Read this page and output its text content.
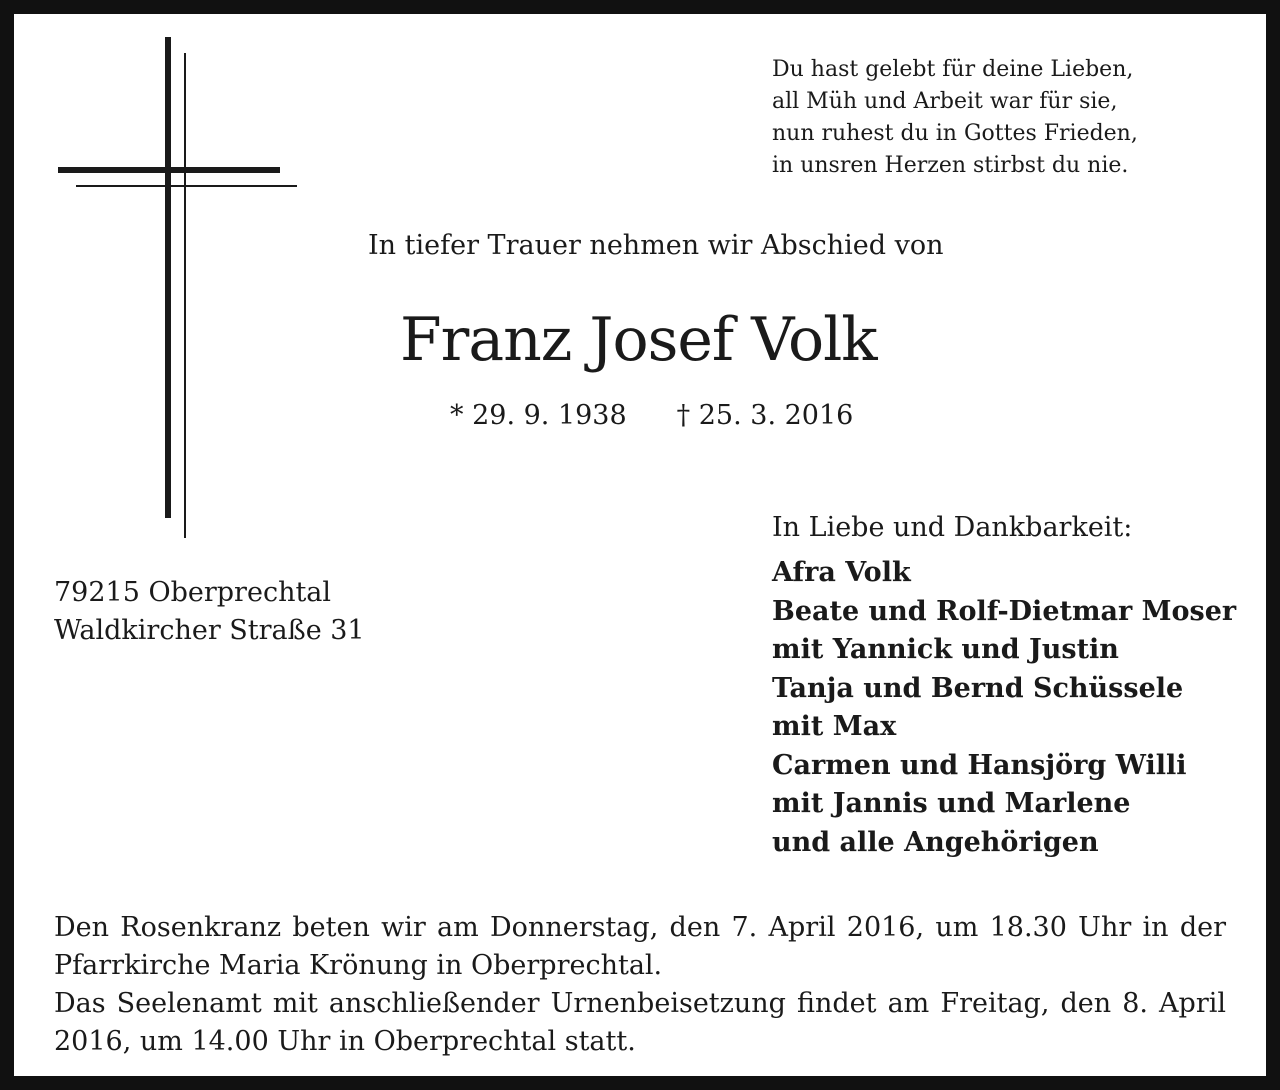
Du hast gelebt für deine Lieben,
all Müh und Arbeit war für sie,
nun ruhest du in Gottes Frieden,
in unsren Herzen stirbst du nie.
In tiefer Trauer nehmen wir Abschied von
Franz Josef Volk
* 29. 9. 1938 † 25. 3. 2016
In Liebe und Dankbarkeit:
Afra Volk
Beate und Rolf-Dietmar Moser
mit Yannick und Justin
Tanja und Bernd Schüssele
mit Max
Carmen und Hansjörg Willi
mit Jannis und Marlene
und alle Angehörigen
79215 Oberprechtal
Waldkircher Straße 31

Den Rosenkranz beten wir am Donnerstag, den 7. April 2016, um 18.30 Uhr in der Pfarrkirche Maria Krönung in Oberprechtal.

Das Seelenamt mit anschließender Urnenbeisetzung findet am Freitag, den 8. April 2016, um 14.00 Uhr in Oberprechtal statt.
